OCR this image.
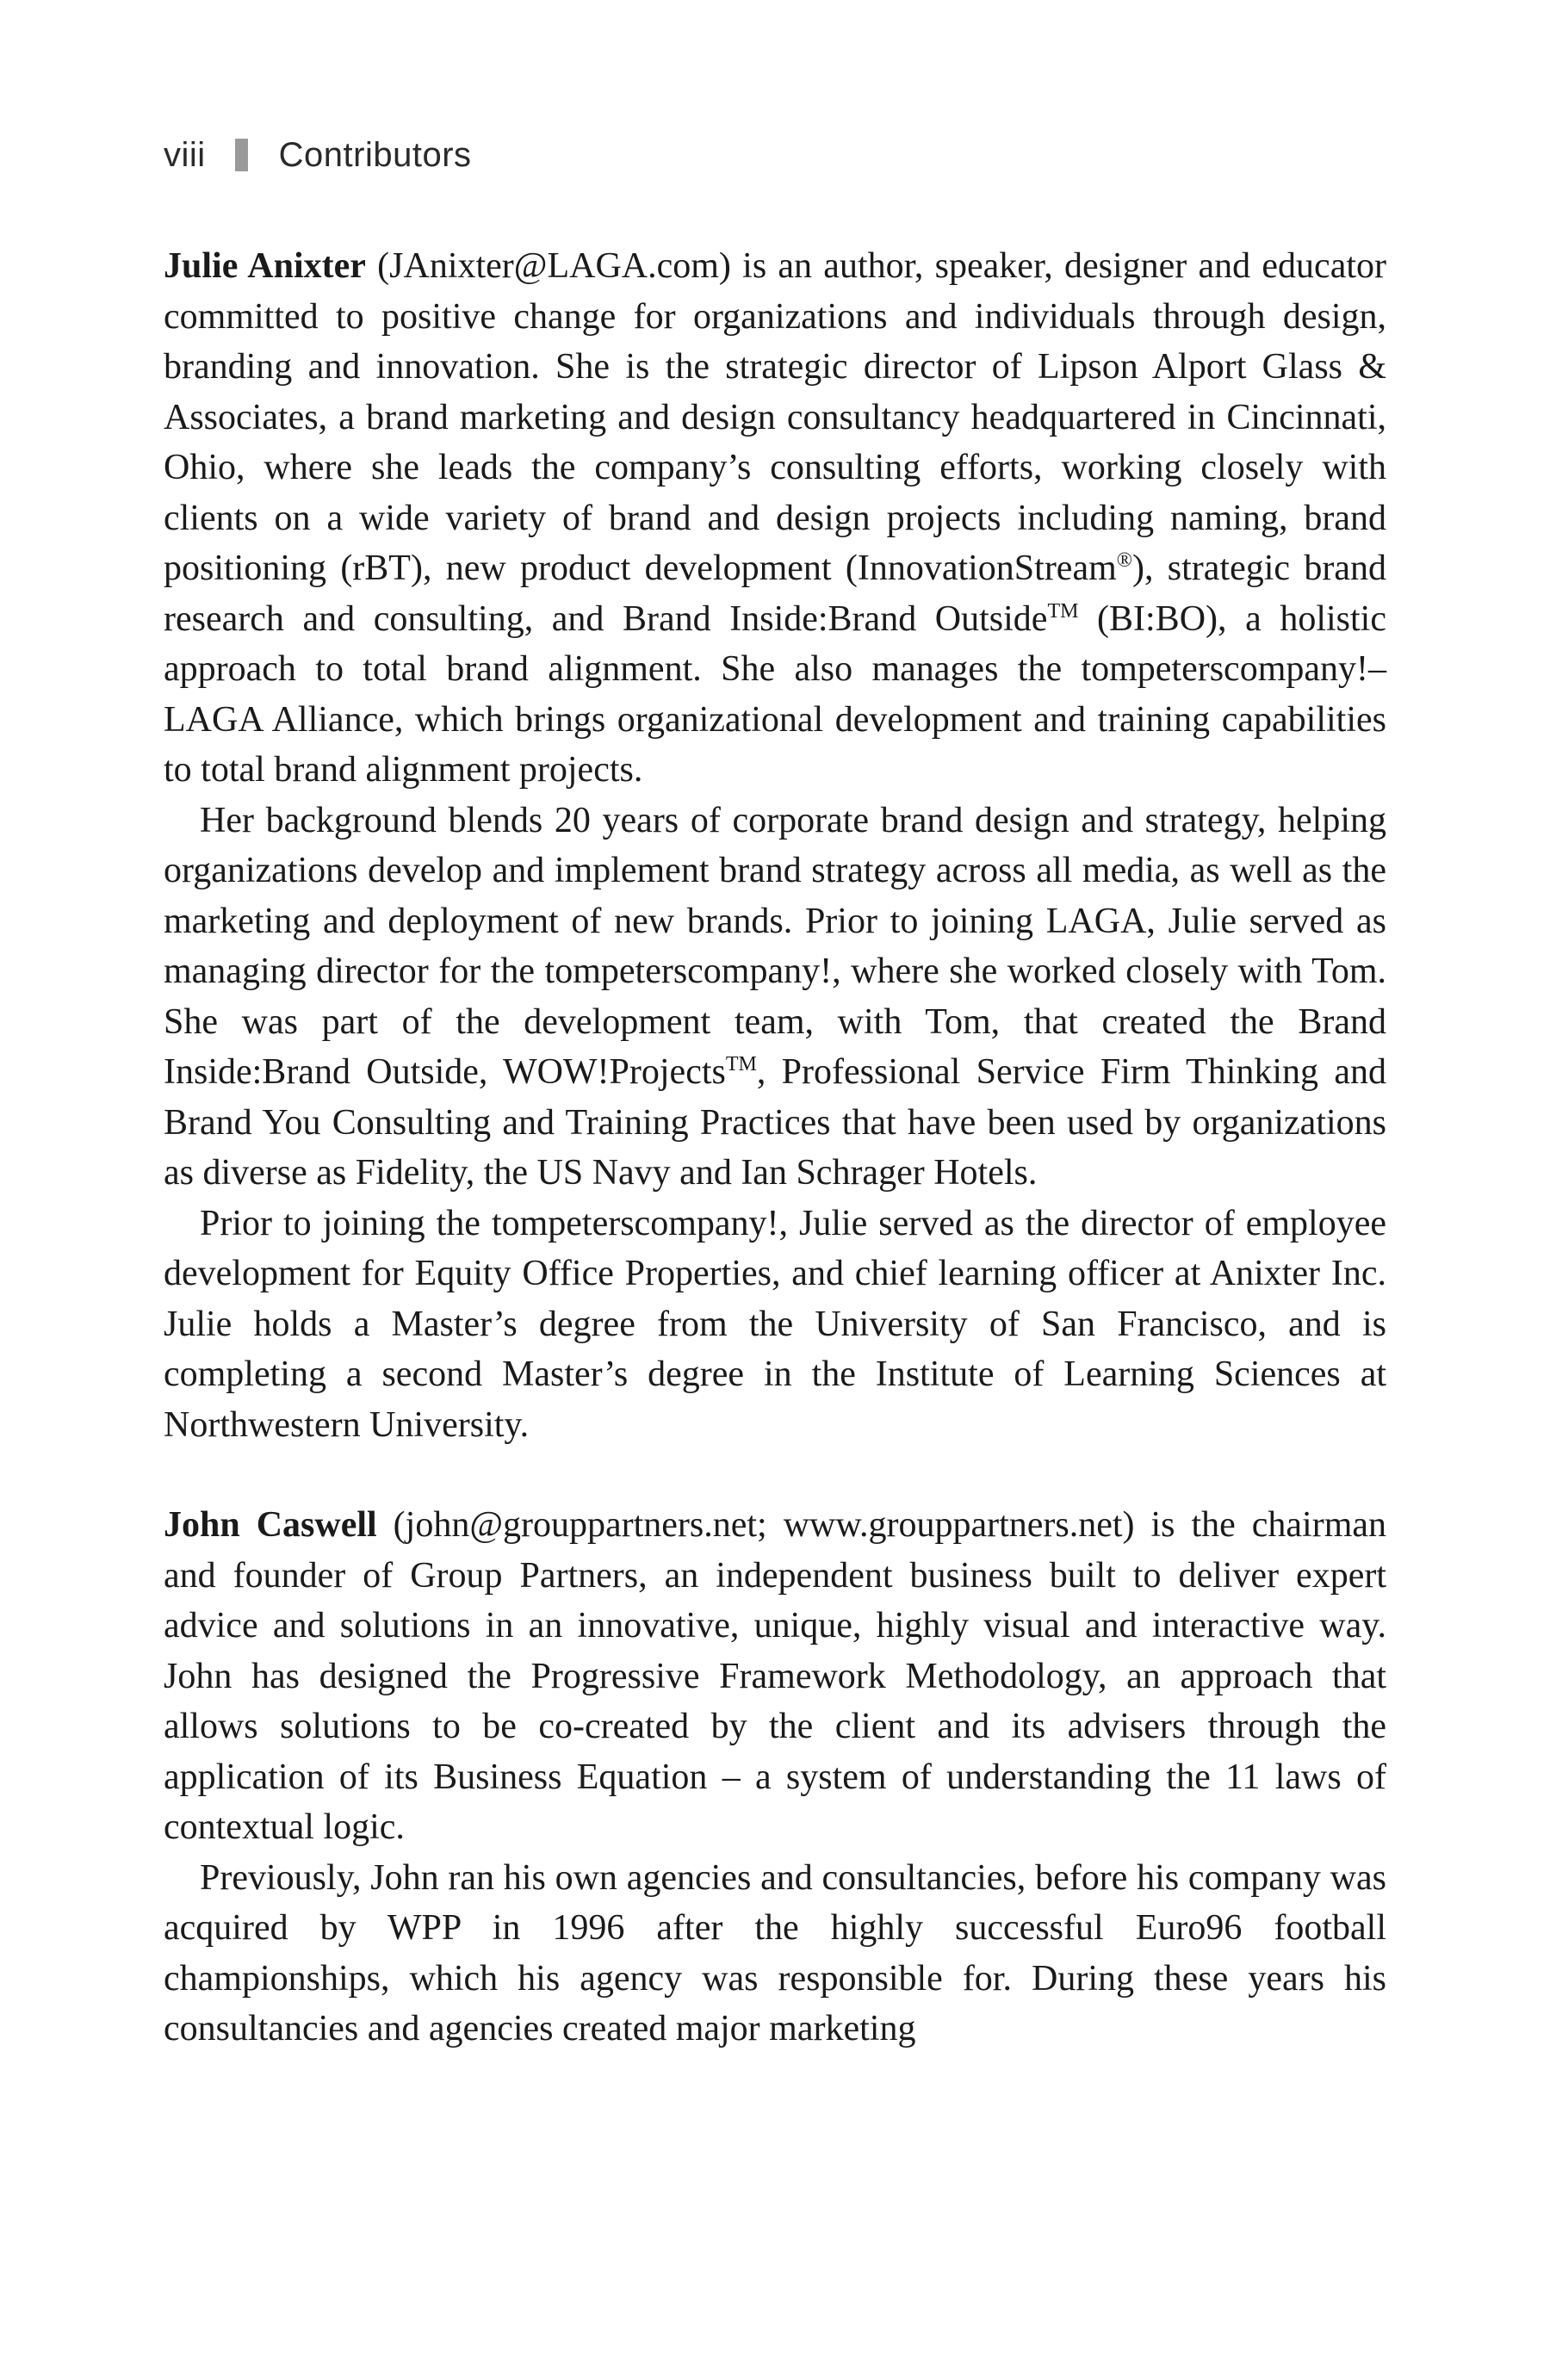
viii Contributors

Julie Anixter (JAnixter@LAGA.com) is an author, speaker, designer and educator committed to positive change for organizations and individuals through design, branding and innovation. She is the strategic director of Lipson Alport Glass & Associates, a brand marketing and design consultancy headquartered in Cincinnati, Ohio, where she leads the company’s consulting efforts, working closely with clients on a wide variety of brand and design projects including naming, brand positioning (rBT), new product development (InnovationStream®), strategic brand research and consulting, and Brand Inside:Brand Outside™ (BI:BO), a holistic approach to total brand alignment. She also manages the tompeterscompany!–LAGA Alliance, which brings organizational development and training capabilities to total brand alignment projects.

Her background blends 20 years of corporate brand design and strategy, helping organizations develop and implement brand strategy across all media, as well as the marketing and deployment of new brands. Prior to joining LAGA, Julie served as managing director for the tompeterscompany!, where she worked closely with Tom. She was part of the development team, with Tom, that created the Brand Inside:Brand Outside, WOW!Projects™, Professional Service Firm Thinking and Brand You Consulting and Training Practices that have been used by organizations as diverse as Fidelity, the US Navy and Ian Schrager Hotels.

Prior to joining the tompeterscompany!, Julie served as the director of employee development for Equity Office Properties, and chief learning officer at Anixter Inc. Julie holds a Master’s degree from the University of San Francisco, and is completing a second Master’s degree in the Institute of Learning Sciences at Northwestern University.

John Caswell (john@grouppartners.net; www.grouppartners.net) is the chairman and founder of Group Partners, an independent business built to deliver expert advice and solutions in an innovative, unique, highly visual and interactive way. John has designed the Progressive Framework Methodology, an approach that allows solutions to be co-created by the client and its advisers through the application of its Business Equation – a system of understanding the 11 laws of contextual logic.

Previously, John ran his own agencies and consultancies, before his company was acquired by WPP in 1996 after the highly successful Euro96 football championships, which his agency was responsible for. During these years his consultancies and agencies created major marketing
